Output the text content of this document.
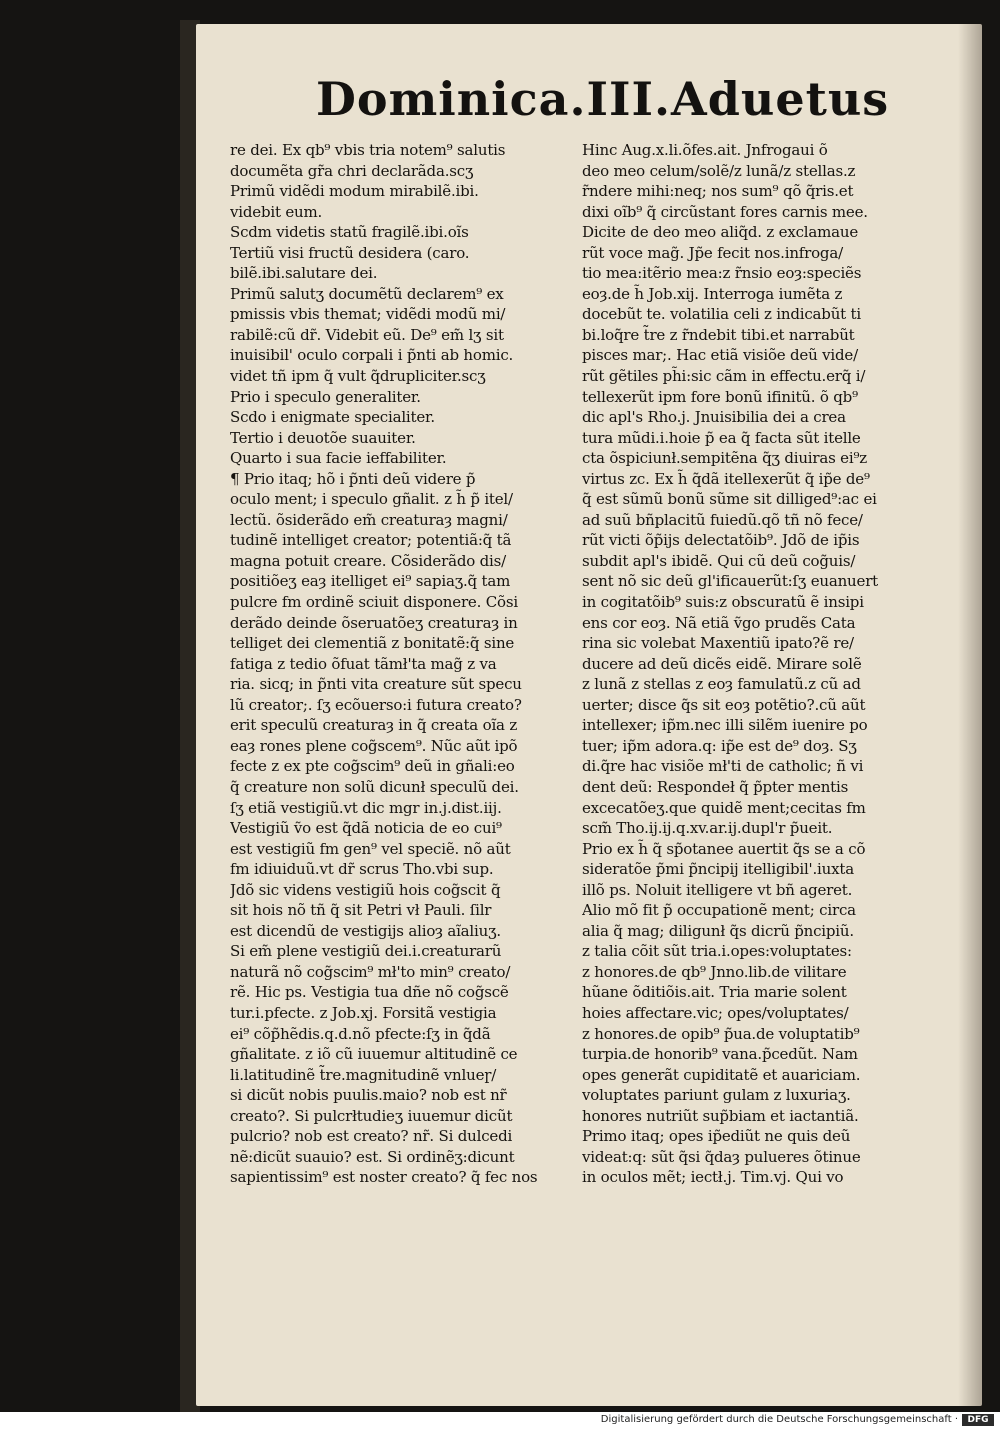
Dominica.III.Aduetus
re dei. Ex qb⁹ vbis tria notem⁹ salutis
documẽta gr̃a chri declarãda.scʒ
Primũ vidẽdi modum mirabilẽ.ibi.
videbit eum.
Scdm videtis statũ fragilẽ.ibi.oĩs
Tertiũ visi fructũ desidera (caro.
bilẽ.ibi.salutare dei.
Primũ salutʒ documẽtũ declarem⁹ ex
pmissis vbis themat; vidẽdi modũ mi/
rabilẽ:cũ dr̃. Videbit eũ. De⁹ em̃ lʒ sit
inuisibil' oculo corpali i p̃nti ab homic.
videt tñ ipm q̃ vult q̃drupliciter.scʒ
Prio i speculo generaliter.
Scdo i enigmate specialiter.
Tertio i deuotõe suauiter.
Quarto i sua facie ieffabiliter.
¶ Prio itaq; hõ i p̃nti deũ videre p̃
oculo ment; i speculo gñalit. z h̃ p̃ itel/
lectũ. õsiderãdo em̃ creaturaȝ magni/
tudinẽ intelliget creator; potentiã:q̃ tã
magna potuit creare. Cõsiderãdo dis/
positiõeʒ eaȝ itelliget ei⁹ sapiaʒ.q̃ tam
pulcre fm ordinẽ sciuit disponere. Cõsi
derãdo deinde õseruatõeʒ creaturaȝ in
telliget dei clementiã z bonitatẽ:q̃ sine
fatiga z tedio õfuat tãmł'ta mag̃ z va
ria. sicq; in p̃nti vita creature sũt specu
lũ creator;. ſʒ ecõuerso:i futura creato?
erit speculũ creaturaȝ in q̃ creata oĩa z
eaȝ rones plene cog̃scem⁹. Nũc aũt ipõ
fecte z ex pte cog̃scim⁹ deũ in gñali:eo
q̃ creature non solũ dicunł speculũ dei.
ſʒ etiã vestigiũ.vt dic mgr in.j.dist.iij.
Vestigiũ ṽo est q̃dã noticia de eo cui⁹
est vestigiũ fm gen⁹ vel speciẽ. nõ aũt
fm idiuiduũ.vt dr̃ scrus Tho.vbi sup.
Jdõ sic videns vestigiũ hois cog̃scit q̃
sit hois nõ tñ q̃ sit Petri vł Pauli. ſilr
est dicendũ de vestigijs alioȝ aĩaliuʒ.
Si em̃ plene vestigiũ dei.i.creaturarũ
naturã nõ cog̃scim⁹ mł'to min⁹ creato/
rẽ. Hic ps. Vestigia tua dñe nõ cog̃scẽ
tur.i.pfecte. z Job.xj. Forsitã vestigia
ei⁹ cõp̃hẽdis.q.d.nõ pfecte:ſʒ in q̃dã
gñalitate. z iõ cũ iuuemur altitudinẽ ce
li.latitudinẽ t̃re.magnitudinẽ vnlueɼ/
si dicũt nobis puulis.maio? nob est nr̃
creato?. Si pulcrłtudieʒ iuuemur dicũt
pulcrio? nob est creato? nr̃. Si dulcedi
nẽ:dicũt suauio? est. Si ordinẽʒ:dicunt
sapientissim⁹ est noster creato? q̃ fec nos
Hinc Aug.x.li.õfes.ait. Jnfrogaui õ
deo meo celum/solẽ/z lunã/z stellas.z
r̃ndere mihi:neq; nos sum⁹ qõ q̃ris.et
dixi oĩb⁹ q̃ circũstant fores carnis mee.
Dicite de deo meo aliq̃d. z exclamaue
rũt voce mag̃. Jp̃e fecit nos.infroga/
tio mea:itẽrio mea:z r̃nsio eoȝ:speciẽs
eoȝ.de h̃ Job.xij. Interroga iumẽta z
docebũt te. volatilia celi z indicabũt ti
bi.loq̃re t̃re z r̃ndebit tibi.et narrabũt
pisces mar;. Hac etiã visiõe deũ vide/
rũt gẽtiles ph̃i:sic cãm in effectu.erq̃ i/
tellexerũt ipm fore bonũ ifinitũ. õ qb⁹
dic apl's Rho.j. Jnuisibilia dei a crea
tura mũdi.i.hoie p̃ ea q̃ facta sũt itelle
cta õspiciunł.sempitẽna q̃ʒ diuiras ei⁹z
virtus zc. Ex h̃ q̃dã itellexerũt q̃ ip̃e de⁹
q̃ est sũmũ bonũ sũme sit dilliged⁹:ac ei
ad suũ bñplacitũ fuiedũ.qõ tñ nõ fece/
rũt victi õp̃ijs delectatõib⁹. Jdõ de ip̃is
subdit apl's ibidẽ. Qui cũ deũ cog̃uis/
sent nõ sic deũ gl'ificauerũt:ſʒ euanuert
in cogitatõib⁹ suis:z obscuratũ ẽ insipi
ens cor eoȝ. Nã etiã ṽgo prudẽs Cata
rina sic volebat Maxentiũ ipato?ẽ re/
ducere ad deũ dicẽs eidẽ. Mirare solẽ
z lunã z stellas z eoȝ famulatũ.z cũ ad
uerter; disce q̃s sit eoȝ potẽtio?.cũ aũt
intellexer; ip̃m.nec illi silẽm iuenire po
tuer; ip̃m adora.q: ip̃e est de⁹ doȝ. Sʒ
di.q̃re hac visiõe mł'ti de catholic; ñ vi
dent deũ: Respondeł q̃ p̃pter mentis
excecatõeʒ.que quidẽ ment;cecitas fm
scm̃ Tho.ij.ij.q.xv.ar.ij.dupl'r p̃ueit.
Prio ex h̃ q̃ sp̃otanee auertit q̃s se a cõ
sideratõe p̃mi p̃ncipij itelligibil'.iuxta
illõ ps. Noluit itelligere vt bñ ageret.
Alio mõ fit p̃ occupationẽ ment; circa
alia q̃ mag; diligunł q̃s dicrũ p̃ncipiũ.
z talia cõit sũt tria.i.opes:voluptates:
z honores.de qb⁹ Jnno.lib.de vilitare
hũane õditiõis.ait. Tria marie solent
hoies affectare.vic; opes/voluptates/
z honores.de opib⁹ p̃ua.de voluptatib⁹
turpia.de honorib⁹ vana.p̃cedũt. Nam
opes generãt cupiditatẽ et auariciam.
voluptates pariunt gulam z luxuriaʒ.
honores nutriũt sup̃biam et iactantiã.
Primo itaq; opes ip̃ediũt ne quis deũ
videat:q: sũt q̃si q̃daȝ pulueres õtinue
in oculos mẽt; iectł.j. Tim.vj. Qui vo
Digitalisierung gefördert durch die Deutsche Forschungsgemeinschaft ·	DFG
